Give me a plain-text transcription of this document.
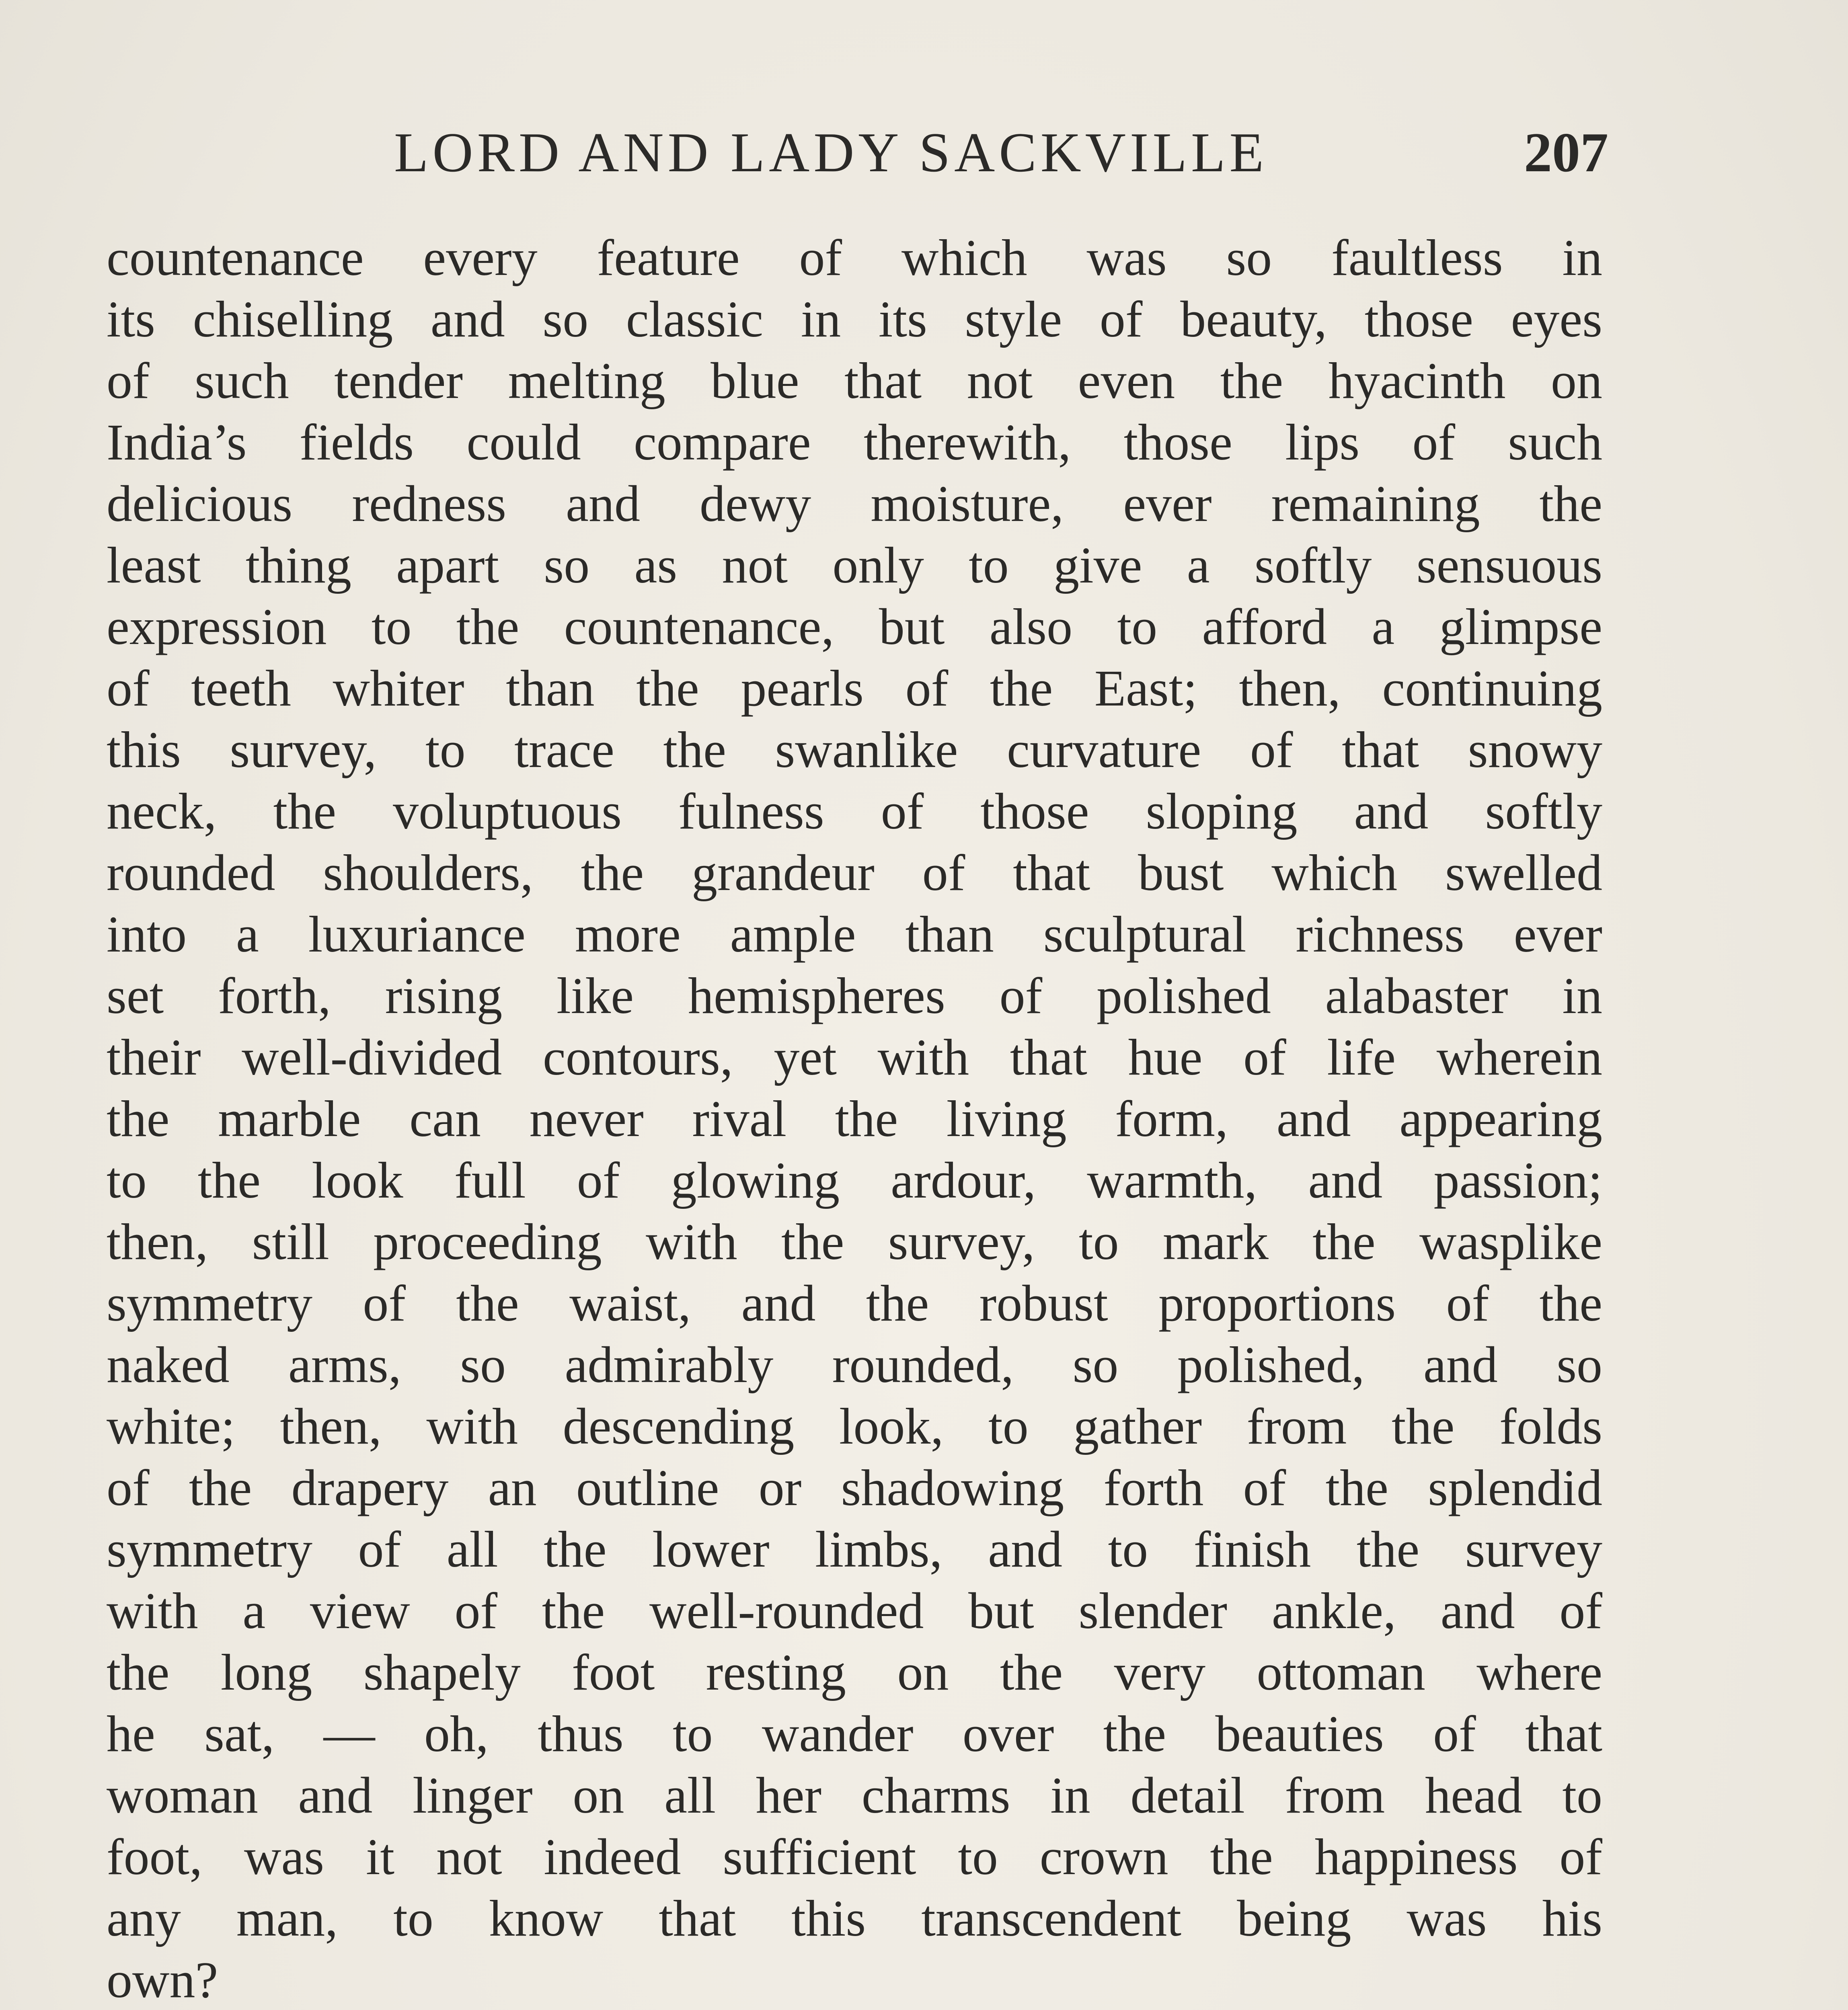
LORD AND LADY SACKVILLE	207
countenance every feature of which was so faultless in
its chiselling and so classic in its style of beauty, those eyes
of such tender melting blue that not even the hyacinth on
India’s fields could compare therewith, those lips of such
delicious redness and dewy moisture, ever remaining the
least thing apart so as not only to give a softly sensuous
expression to the countenance, but also to afford a glimpse
of teeth whiter than the pearls of the East; then, continuing
this survey, to trace the swanlike curvature of that snowy
neck, the voluptuous fulness of those sloping and softly
rounded shoulders, the grandeur of that bust which swelled
into a luxuriance more ample than sculptural richness ever
set forth, rising like hemispheres of polished alabaster in
their well-divided contours, yet with that hue of life wherein
the marble can never rival the living form, and appearing
to the look full of glowing ardour, warmth, and passion;
then, still proceeding with the survey, to mark the wasplike
symmetry of the waist, and the robust proportions of the
naked arms, so admirably rounded, so polished, and so
white; then, with descending look, to gather from the folds
of the drapery an outline or shadowing forth of the splendid
symmetry of all the lower limbs, and to finish the survey
with a view of the well-rounded but slender ankle, and of
the long shapely foot resting on the very ottoman where
he sat, — oh, thus to wander over the beauties of that
woman and linger on all her charms in detail from head to
foot, was it not indeed sufficient to crown the happiness of
any man, to know that this transcendent being was his
own?
